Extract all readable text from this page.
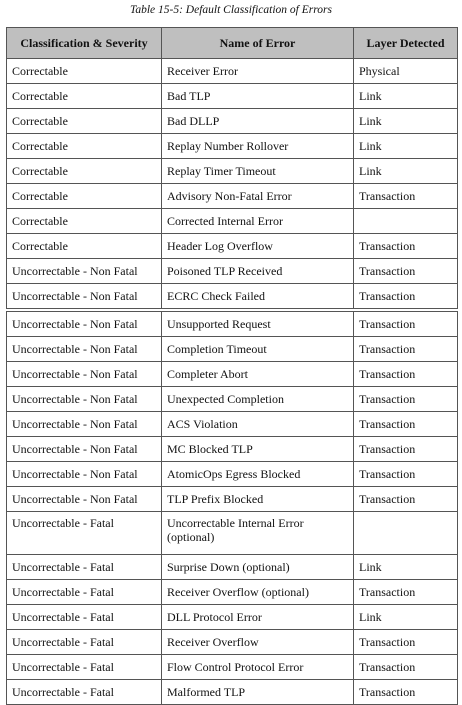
Table 15-5: Default Classification of Errors
Classification & Severity	Name of Error	Layer Detected
Correctable	Receiver Error	Physical
Correctable	Bad TLP	Link
Correctable	Bad DLLP	Link
Correctable	Replay Number Rollover	Link
Correctable	Replay Timer Timeout	Link
Correctable	Advisory Non-Fatal Error	Transaction
Correctable	Corrected Internal Error	
Correctable	Header Log Overflow	Transaction
Uncorrectable - Non Fatal	Poisoned TLP Received	Transaction
Uncorrectable - Non Fatal	ECRC Check Failed	Transaction
Uncorrectable - Non Fatal	Unsupported Request	Transaction
Uncorrectable - Non Fatal	Completion Timeout	Transaction
Uncorrectable - Non Fatal	Completer Abort	Transaction
Uncorrectable - Non Fatal	Unexpected Completion	Transaction
Uncorrectable - Non Fatal	ACS Violation	Transaction
Uncorrectable - Non Fatal	MC Blocked TLP	Transaction
Uncorrectable - Non Fatal	AtomicOps Egress Blocked	Transaction
Uncorrectable - Non Fatal	TLP Prefix Blocked	Transaction
Uncorrectable - Fatal	Uncorrectable Internal Error (optional)	
Uncorrectable - Fatal	Surprise Down (optional)	Link
Uncorrectable - Fatal	Receiver Overflow (optional)	Transaction
Uncorrectable - Fatal	DLL Protocol Error	Link
Uncorrectable - Fatal	Receiver Overflow	Transaction
Uncorrectable - Fatal	Flow Control Protocol Error	Transaction
Uncorrectable - Fatal	Malformed TLP	Transaction
